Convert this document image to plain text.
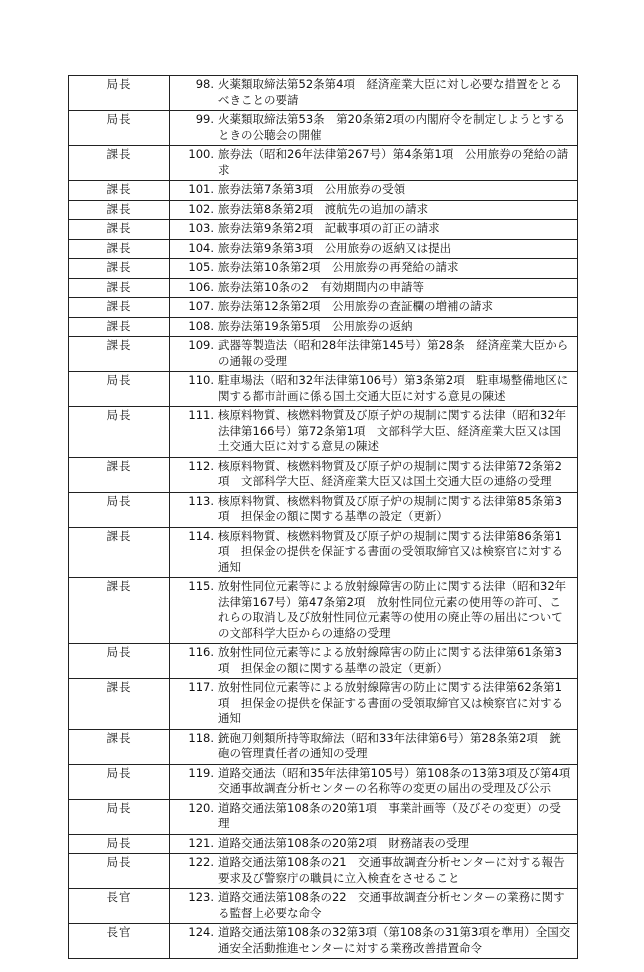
局長	98. 火薬類取締法第52条第4項　経済産業大臣に対し必要な措置をとるべきことの要請

局長	99. 火薬類取締法第53条　第20条第2項の内閣府令を制定しようとするときの公聴会の開催

課長	100. 旅券法（昭和26年法律第267号）第4条第1項　公用旅券の発給の請求

課長	101. 旅券法第7条第3項　公用旅券の受領

課長	102. 旅券法第8条第2項　渡航先の追加の請求

課長	103. 旅券法第9条第2項　記載事項の訂正の請求

課長	104. 旅券法第9条第3項　公用旅券の返納又は提出

課長	105. 旅券法第10条第2項　公用旅券の再発給の請求

課長	106. 旅券法第10条の2　有効期間内の申請等

課長	107. 旅券法第12条第2項　公用旅券の査証欄の増補の請求

課長	108. 旅券法第19条第5項　公用旅券の返納

課長	109. 武器等製造法（昭和28年法律第145号）第28条　経済産業大臣からの通報の受理

局長	110. 駐車場法（昭和32年法律第106号）第3条第2項　駐車場整備地区に関する都市計画に係る国土交通大臣に対する意見の陳述

局長	111. 核原料物質、核燃料物質及び原子炉の規制に関する法律（昭和32年法律第166号）第72条第1項　文部科学大臣、経済産業大臣又は国土交通大臣に対する意見の陳述

課長	112. 核原料物質、核燃料物質及び原子炉の規制に関する法律第72条第2項　文部科学大臣、経済産業大臣又は国土交通大臣の連絡の受理

局長	113. 核原料物質、核燃料物質及び原子炉の規制に関する法律第85条第3項　担保金の額に関する基準の設定（更新）

課長	114. 核原料物質、核燃料物質及び原子炉の規制に関する法律第86条第1項　担保金の提供を保証する書面の受領取締官又は検察官に対する通知

課長	115. 放射性同位元素等による放射線障害の防止に関する法律（昭和32年法律第167号）第47条第2項　放射性同位元素の使用等の許可、これらの取消し及び放射性同位元素等の使用の廃止等の届出についての文部科学大臣からの連絡の受理

局長	116. 放射性同位元素等による放射線障害の防止に関する法律第61条第3項　担保金の額に関する基準の設定（更新）

課長	117. 放射性同位元素等による放射線障害の防止に関する法律第62条第1項　担保金の提供を保証する書面の受領取締官又は検察官に対する通知

課長	118. 銃砲刀剣類所持等取締法（昭和33年法律第6号）第28条第2項　銃砲の管理責任者の通知の受理

局長	119. 道路交通法（昭和35年法律第105号）第108条の13第3項及び第4項　交通事故調査分析センターの名称等の変更の届出の受理及び公示

局長	120. 道路交通法第108条の20第1項　事業計画等（及びその変更）の受理

局長	121. 道路交通法第108条の20第2項　財務諸表の受理

局長	122. 道路交通法第108条の21　交通事故調査分析センターに対する報告要求及び警察庁の職員に立入検査をさせること

長官	123. 道路交通法第108条の22　交通事故調査分析センターの業務に関する監督上必要な命令

長官	124. 道路交通法第108条の32第3項（第108条の31第3項を準用）全国交通安全活動推進センターに対する業務改善措置命令
